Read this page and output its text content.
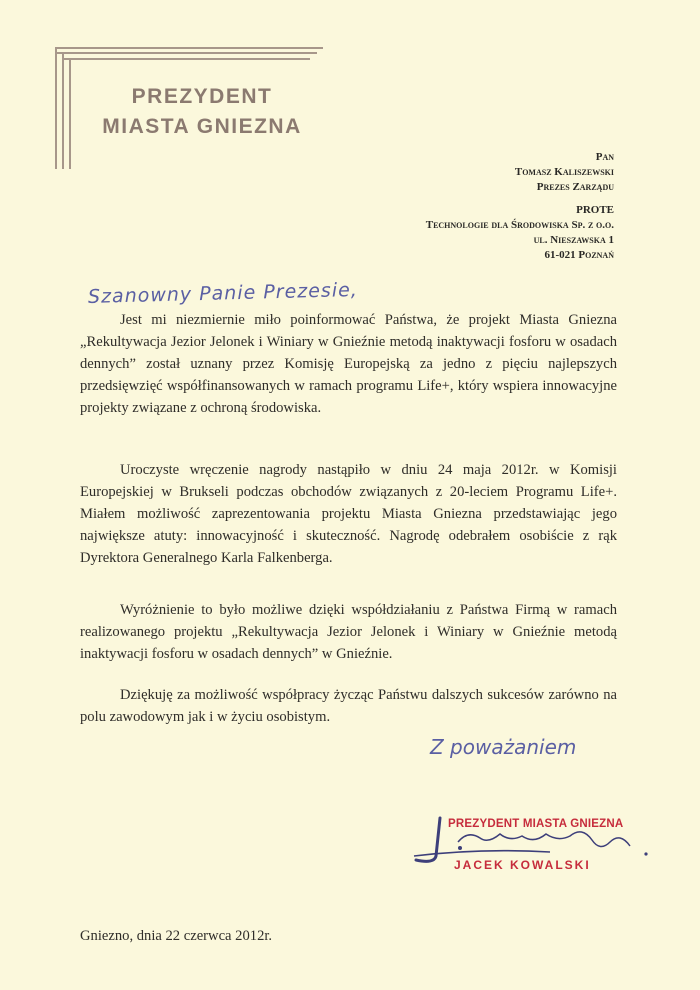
PREZYDENT
MIASTA GNIEZNA
Pan
Tomasz Kaliszewski
Prezes Zarządu
PROTE
Technologie dla Środowiska Sp. z o.o.
ul. Nieszawska 1
61-021 Poznań
Szanowny Panie Prezesie,

Jest mi niezmiernie miło poinformować Państwa, że projekt Miasta Gniezna „Rekultywacja Jezior Jelonek i Winiary w Gnieźnie metodą inaktywacji fosforu w osadach dennych” został uznany przez Komisję Europejską za jedno z pięciu najlepszych przedsięwzięć współfinansowanych w ramach programu Life+, który wspiera innowacyjne projekty związane z ochroną środowiska.

Uroczyste wręczenie nagrody nastąpiło w dniu 24 maja 2012r. w Komisji Europejskiej w Brukseli podczas obchodów związanych z 20-leciem Programu Life+. Miałem możliwość zaprezentowania projektu Miasta Gniezna przedstawiając jego największe atuty: innowacyjność i skuteczność. Nagrodę odebrałem osobiście z rąk Dyrektora Generalnego Karla Falkenberga.

Wyróżnienie to było możliwe dzięki współdziałaniu z Państwa Firmą w ramach realizowanego projektu „Rekultywacja Jezior Jelonek i Winiary w Gnieźnie metodą inaktywacji fosforu w osadach dennych” w Gnieźnie.

Dziękuję za możliwość współpracy życząc Państwu dalszych sukcesów zarówno na polu zawodowym jak i w życiu osobistym.

Z poważaniem
PREZYDENT MIASTA GNIEZNA
JACEK KOWALSKI
Gniezno, dnia 22 czerwca 2012r.
